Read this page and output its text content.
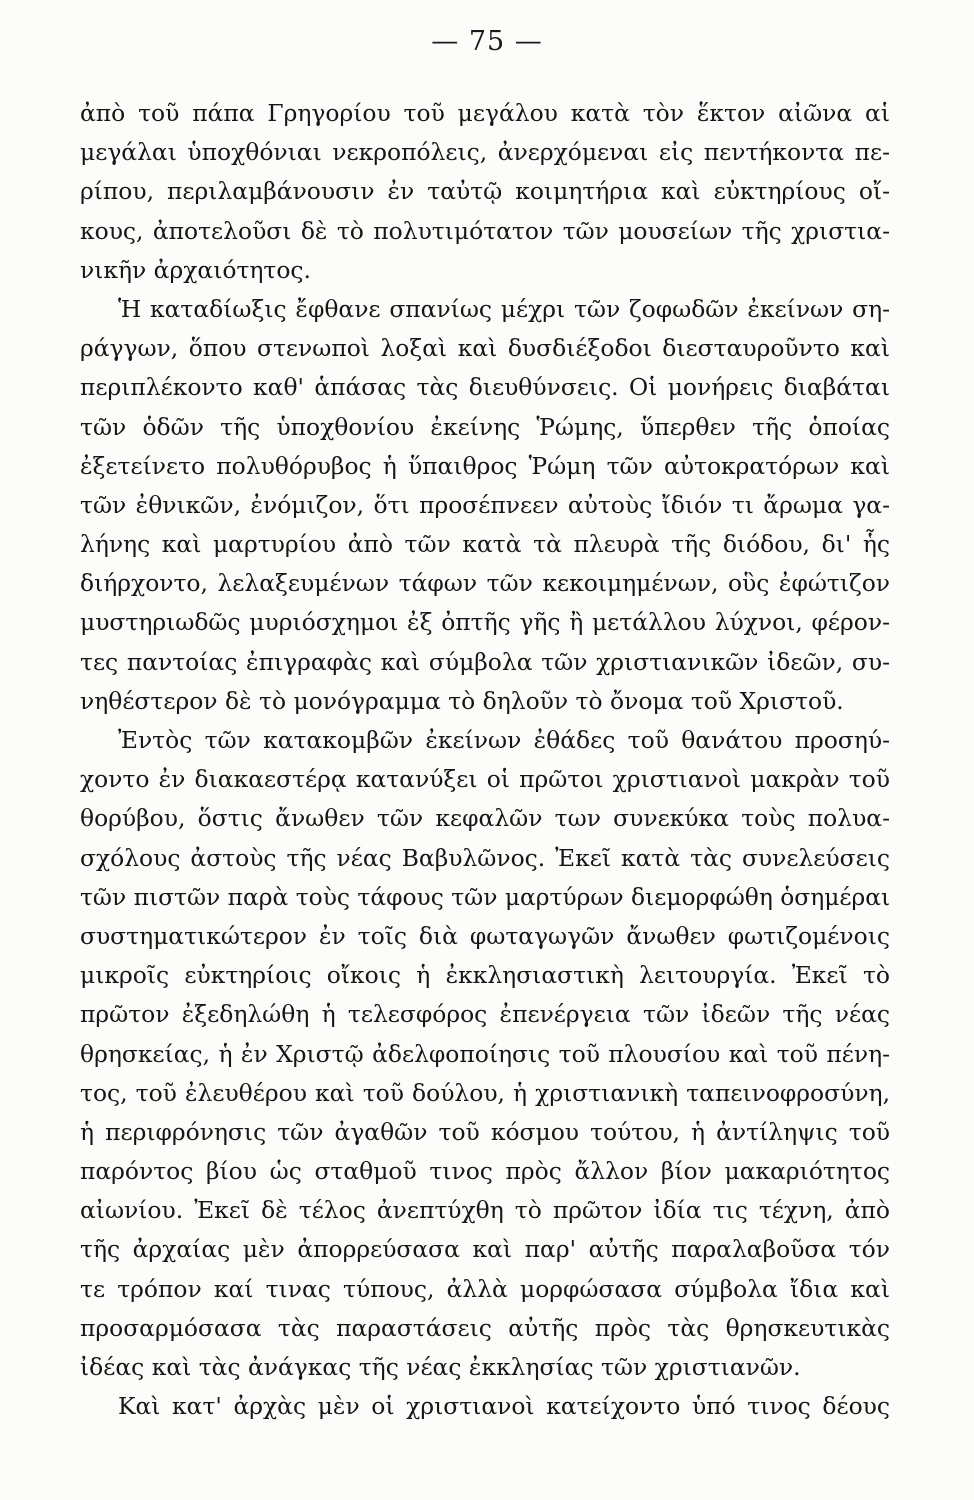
— 75 —
ἀπὸ τοῦ πάπα Γρηγορίου τοῦ μεγάλου κατὰ τὸν ἕκτον αἰῶνα αἱ
μεγάλαι ὑποχθόνιαι νεκροπόλεις, ἀνερχόμεναι εἰς πεντήκοντα πε-
ρίπου, περιλαμβάνουσιν ἐν ταὐτῷ κοιμητήρια καὶ εὐκτηρίους οἴ-
κους, ἀποτελοῦσι δὲ τὸ πολυτιμότατον τῶν μουσείων τῆς χριστια-
νικῆν ἀρχαιότητος.
Ἡ καταδίωξις ἔφθανε σπανίως μέχρι τῶν ζοφωδῶν ἐκείνων ση-
ράγγων, ὅπου στενωποὶ λοξαὶ καὶ δυσδιέξοδοι διεσταυροῦντο καὶ
περιπλέκοντο καθ' ἁπάσας τὰς διευθύνσεις. Οἱ μονήρεις διαβάται
τῶν ὁδῶν τῆς ὑποχθονίου ἐκείνης Ῥώμης, ὕπερθεν τῆς ὁποίας
ἐξετείνετο πολυθόρυβος ἡ ὕπαιθρος Ῥώμη τῶν αὐτοκρατόρων καὶ
τῶν ἐθνικῶν, ἐνόμιζον, ὅτι προσέπνεεν αὐτοὺς ἴδιόν τι ἄρωμα γα-
λήνης καὶ μαρτυρίου ἀπὸ τῶν κατὰ τὰ πλευρὰ τῆς διόδου, δι' ἧς
διήρχοντο, λελαξευμένων τάφων τῶν κεκοιμημένων, οὓς ἐφώτιζον
μυστηριωδῶς μυριόσχημοι ἐξ ὀπτῆς γῆς ἢ μετάλλου λύχνοι, φέρον-
τες παντοίας ἐπιγραφὰς καὶ σύμβολα τῶν χριστιανικῶν ἰδεῶν, συ-
νηθέστερον δὲ τὸ μονόγραμμα τὸ δηλοῦν τὸ ὄνομα τοῦ Χριστοῦ.
Ἐντὸς τῶν κατακομβῶν ἐκείνων ἐθάδες τοῦ θανάτου προσηύ-
χοντο ἐν διακαεστέρᾳ κατανύξει οἱ πρῶτοι χριστιανοὶ μακρὰν τοῦ
θορύβου, ὅστις ἄνωθεν τῶν κεφαλῶν των συνεκύκα τοὺς πολυα-
σχόλους ἀστοὺς τῆς νέας Βαβυλῶνος. Ἐκεῖ κατὰ τὰς συνελεύσεις
τῶν πιστῶν παρὰ τοὺς τάφους τῶν μαρτύρων διεμορφώθη ὁσημέραι
συστηματικώτερον ἐν τοῖς διὰ φωταγωγῶν ἄνωθεν φωτιζομένοις
μικροῖς εὐκτηρίοις οἴκοις ἡ ἐκκλησιαστικὴ λειτουργία. Ἐκεῖ τὸ
πρῶτον ἐξεδηλώθη ἡ τελεσφόρος ἐπενέργεια τῶν ἰδεῶν τῆς νέας
θρησκείας, ἡ ἐν Χριστῷ ἀδελφοποίησις τοῦ πλουσίου καὶ τοῦ πένη-
τος, τοῦ ἐλευθέρου καὶ τοῦ δούλου, ἡ χριστιανικὴ ταπεινοφροσύνη,
ἡ περιφρόνησις τῶν ἀγαθῶν τοῦ κόσμου τούτου, ἡ ἀντίληψις τοῦ
παρόντος βίου ὡς σταθμοῦ τινος πρὸς ἄλλον βίον μακαριότητος
αἰωνίου. Ἐκεῖ δὲ τέλος ἀνεπτύχθη τὸ πρῶτον ἰδία τις τέχνη, ἀπὸ
τῆς ἀρχαίας μὲν ἀπορρεύσασα καὶ παρ' αὐτῆς παραλαβοῦσα τόν
τε τρόπον καί τινας τύπους, ἀλλὰ μορφώσασα σύμβολα ἴδια καὶ
προσαρμόσασα τὰς παραστάσεις αὐτῆς πρὸς τὰς θρησκευτικὰς
ἰδέας καὶ τὰς ἀνάγκας τῆς νέας ἐκκλησίας τῶν χριστιανῶν.
Καὶ κατ' ἀρχὰς μὲν οἱ χριστιανοὶ κατείχοντο ὑπό τινος δέους
